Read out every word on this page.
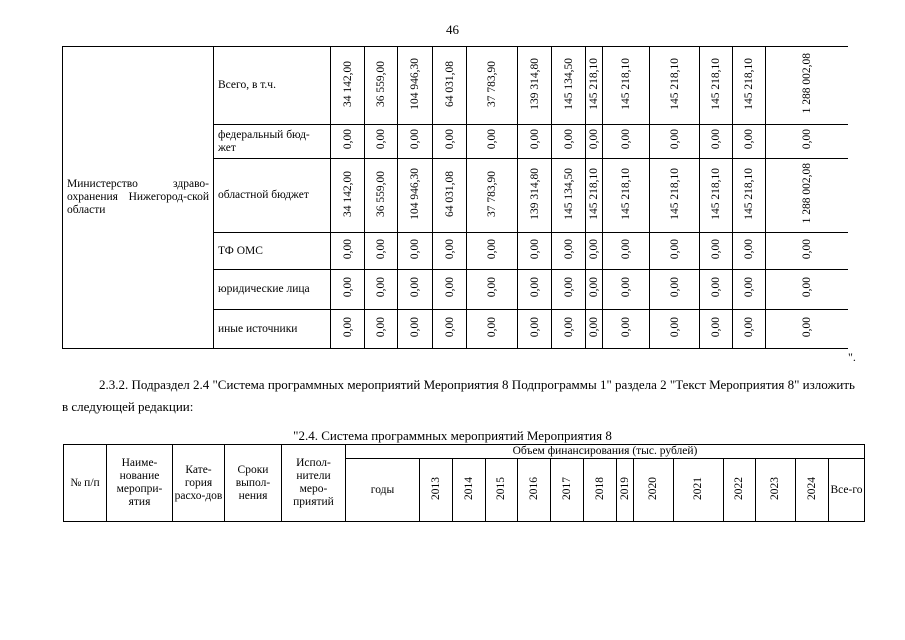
46
Министерство здраво-охранения Нижегород-ской области	Всего, в т.ч.	34 142,00	36 559,00	104 946,30	64 031,08	37 783,90	139 314,80	145 134,50	145 218,10	145 218,10	145 218,10	145 218,10	145 218,10	1 288 002,08
	федеральный бюд-жет	0,00	0,00	0,00	0,00	0,00	0,00	0,00	0,00	0,00	0,00	0,00	0,00	0,00
	областной бюджет	34 142,00	36 559,00	104 946,30	64 031,08	37 783,90	139 314,80	145 134,50	145 218,10	145 218,10	145 218,10	145 218,10	145 218,10	1 288 002,08
	ТФ ОМС	0,00	0,00	0,00	0,00	0,00	0,00	0,00	0,00	0,00	0,00	0,00	0,00	0,00
	юридические лица	0,00	0,00	0,00	0,00	0,00	0,00	0,00	0,00	0,00	0,00	0,00	0,00	0,00
	иные источники	0,00	0,00	0,00	0,00	0,00	0,00	0,00	0,00	0,00	0,00	0,00	0,00	0,00
".
2.3.2. Подраздел 2.4 "Система программных мероприятий Мероприятия 8 Подпрограммы 1" раздела 2 "Текст Мероприятия 8" изложить в следующей редакции:
"2.4. Система программных мероприятий Мероприятия 8
№ п/п	Наиме-нование меропри-ятия	Кате-гория расхо-дов	Сроки выпол-нения	Испол-нители меро-приятий	Объем финансирования (тыс. рублей)													
					годы	2013	2014	2015	2016	2017	2018	2019	2020	2021	2022	2023	2024	Все-го
